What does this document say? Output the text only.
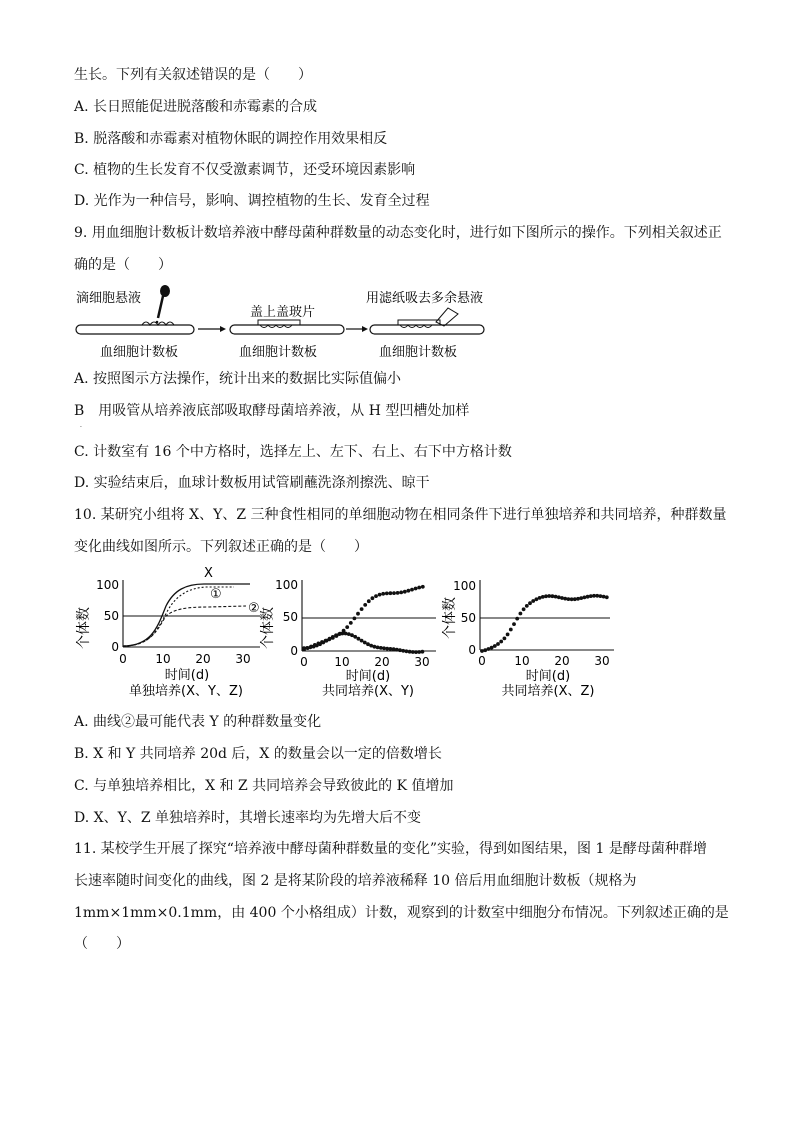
生长。下列有关叙述错误的是（　　）
A. 长日照能促进脱落酸和赤霉素的合成
B. 脱落酸和赤霉素对植物休眠的调控作用效果相反
C. 植物的生长发育不仅受激素调节，还受环境因素影响
D. 光作为一种信号，影响、调控植物的生长、发育全过程
9. 用血细胞计数板计数培养液中酵母菌种群数量的动态变化时，进行如下图所示的操作。下列相关叙述正
确的是（　　）
滴细胞悬液
血细胞计数板
盖上盖玻片
血细胞计数板
用滤纸吸去多余悬液
血细胞计数板
A. 按照图示方法操作，统计出来的数据比实际值偏小
B　用吸管从培养液底部吸取酵母菌培养液，从 H 型凹槽处加样
·
C. 计数室有 16 个中方格时，选择左上、左下、右上、右下中方格计数
D. 实验结束后，血球计数板用试管刷蘸洗涤剂擦洗、晾干
10. 某研究小组将 X、Y、Z 三种食性相同的单细胞动物在相同条件下进行单独培养和共同培养，种群数量
变化曲线如图所示。下列叙述正确的是（　　）
个体数 0
50
100
X
①
②
0 10 20 30
时间(d)
单独培养(X、Y、Z)
个体数
0
50
100
0 10 20 30
时间(d)
共同培养(X、Y)
个体数
0
50
100
0 10 20 30
时间(d)
共同培养(X、Z)
A. 曲线②最可能代表 Y 的种群数量变化
B. X 和 Y 共同培养 20d 后，X 的数量会以一定的倍数增长
C. 与单独培养相比，X 和 Z 共同培养会导致彼此的 K 值增加
D. X、Y、Z 单独培养时，其增长速率均为先增大后不变
11. 某校学生开展了探究“培养液中酵母菌种群数量的变化”实验，得到如图结果，图 1 是酵母菌种群增
长速率随时间变化的曲线，图 2 是将某阶段的培养液稀释 10 倍后用血细胞计数板（规格为
1mm×1mm×0.1mm，由 400 个小格组成）计数，观察到的计数室中细胞分布情况。下列叙述正确的是
（　　）
